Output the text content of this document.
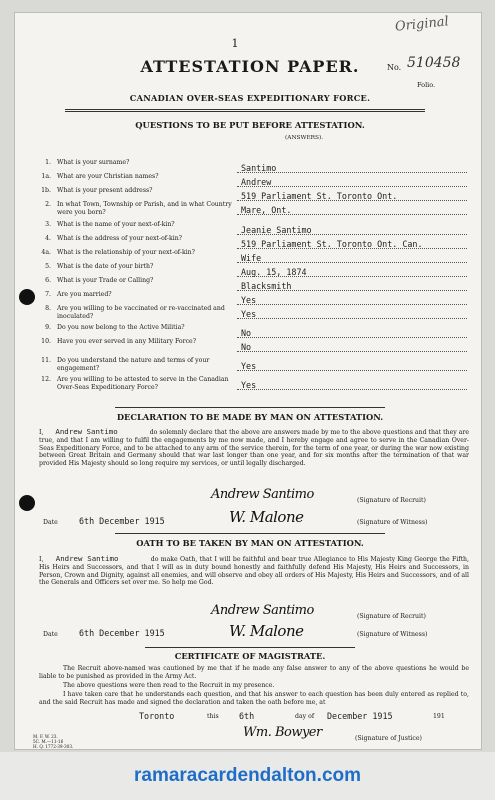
1
Original
ATTESTATION PAPER.	No. 510458
Folio.
CANADIAN OVER-SEAS EXPEDITIONARY FORCE.
QUESTIONS TO BE PUT BEFORE ATTESTATION.
(ANSWERS).
1. What is your surname?
Santimo
1a. What are your Christian names?
Andrew
1b. What is your present address?
519 Parliament St. Toronto Ont.
2. In what Town, Township or Parish, and in what Country were you born?	Mare, Ont.
3. What is the name of your next-of-kin?
Jeanie Santimo
4. What is the address of your next-of-kin?
519 Parliament St. Toronto Ont. Can.
4a. What is the relationship of your next-of-kin?
Wife
5. What is the date of your birth?
Aug. 15, 1874
6. What is your Trade or Calling?
Blacksmith
7. Are you married?
Yes
8. Are you willing to be vaccinated or re-vaccinated and inoculated?	Yes
9. Do you now belong to the Active Militia?
No
10. Have you ever served in any Military Force?
No
11. Do you understand the nature and terms of your engagement?	Yes
12. Are you willing to be attested to serve in the Canadian Over-Seas Expeditionary Force?	Yes
DECLARATION TO BE MADE BY MAN ON ATTESTATION.
I, Andrew Santimo	do solemnly declare that the above are answers made by me to the above questions and that they are true, and that I am willing to fulfil the engagements by me now made, and I hereby engage and agree to serve in the Canadian Over-Seas Expeditionary Force, and to be attached to any arm of the service therein, for the term of one year, or during the war now existing between Great Britain and Germany should that war last longer than one year, and for six months after the termination of that war provided His Majesty should so long require my services, or until legally discharged.
Andrew Santimo	(Signature of Recruit)
Date	6th December 1915	W. Malone	(Signature of Witness)
OATH TO BE TAKEN BY MAN ON ATTESTATION.
I, Andrew Santimo	do make Oath, that I will be faithful and bear true Allegiance to His Majesty King George the Fifth, His Heirs and Successors, and that I will as in duty bound honestly and faithfully defend His Majesty, His Heirs and Successors, in Person, Crown and Dignity, against all enemies, and will observe and obey all orders of His Majesty, His Heirs and Successors, and of all the Generals and Officers set over me. So help me God.
Andrew Santimo	(Signature of Recruit)
Date	6th December 1915	W. Malone	(Signature of Witness)
CERTIFICATE OF MAGISTRATE.
The Recruit above-named was cautioned by me that if he made any false answer to any of the above questions he would be liable to be punished as provided in the Army Act.
The above questions were then read to the Recruit in my presence.
I have taken care that he understands each question, and that his answer to each question has been duly entered as replied to, and the said Recruit has made and signed the declaration and taken the oath before me, at
Toronto	this 6th	day of December 1915	191
Wm. Bowyer	(Signature of Justice)
M. F. W. 23.
5C. M.—11-16
H. Q. 1772-39-303.
ramaracardendalton.com
